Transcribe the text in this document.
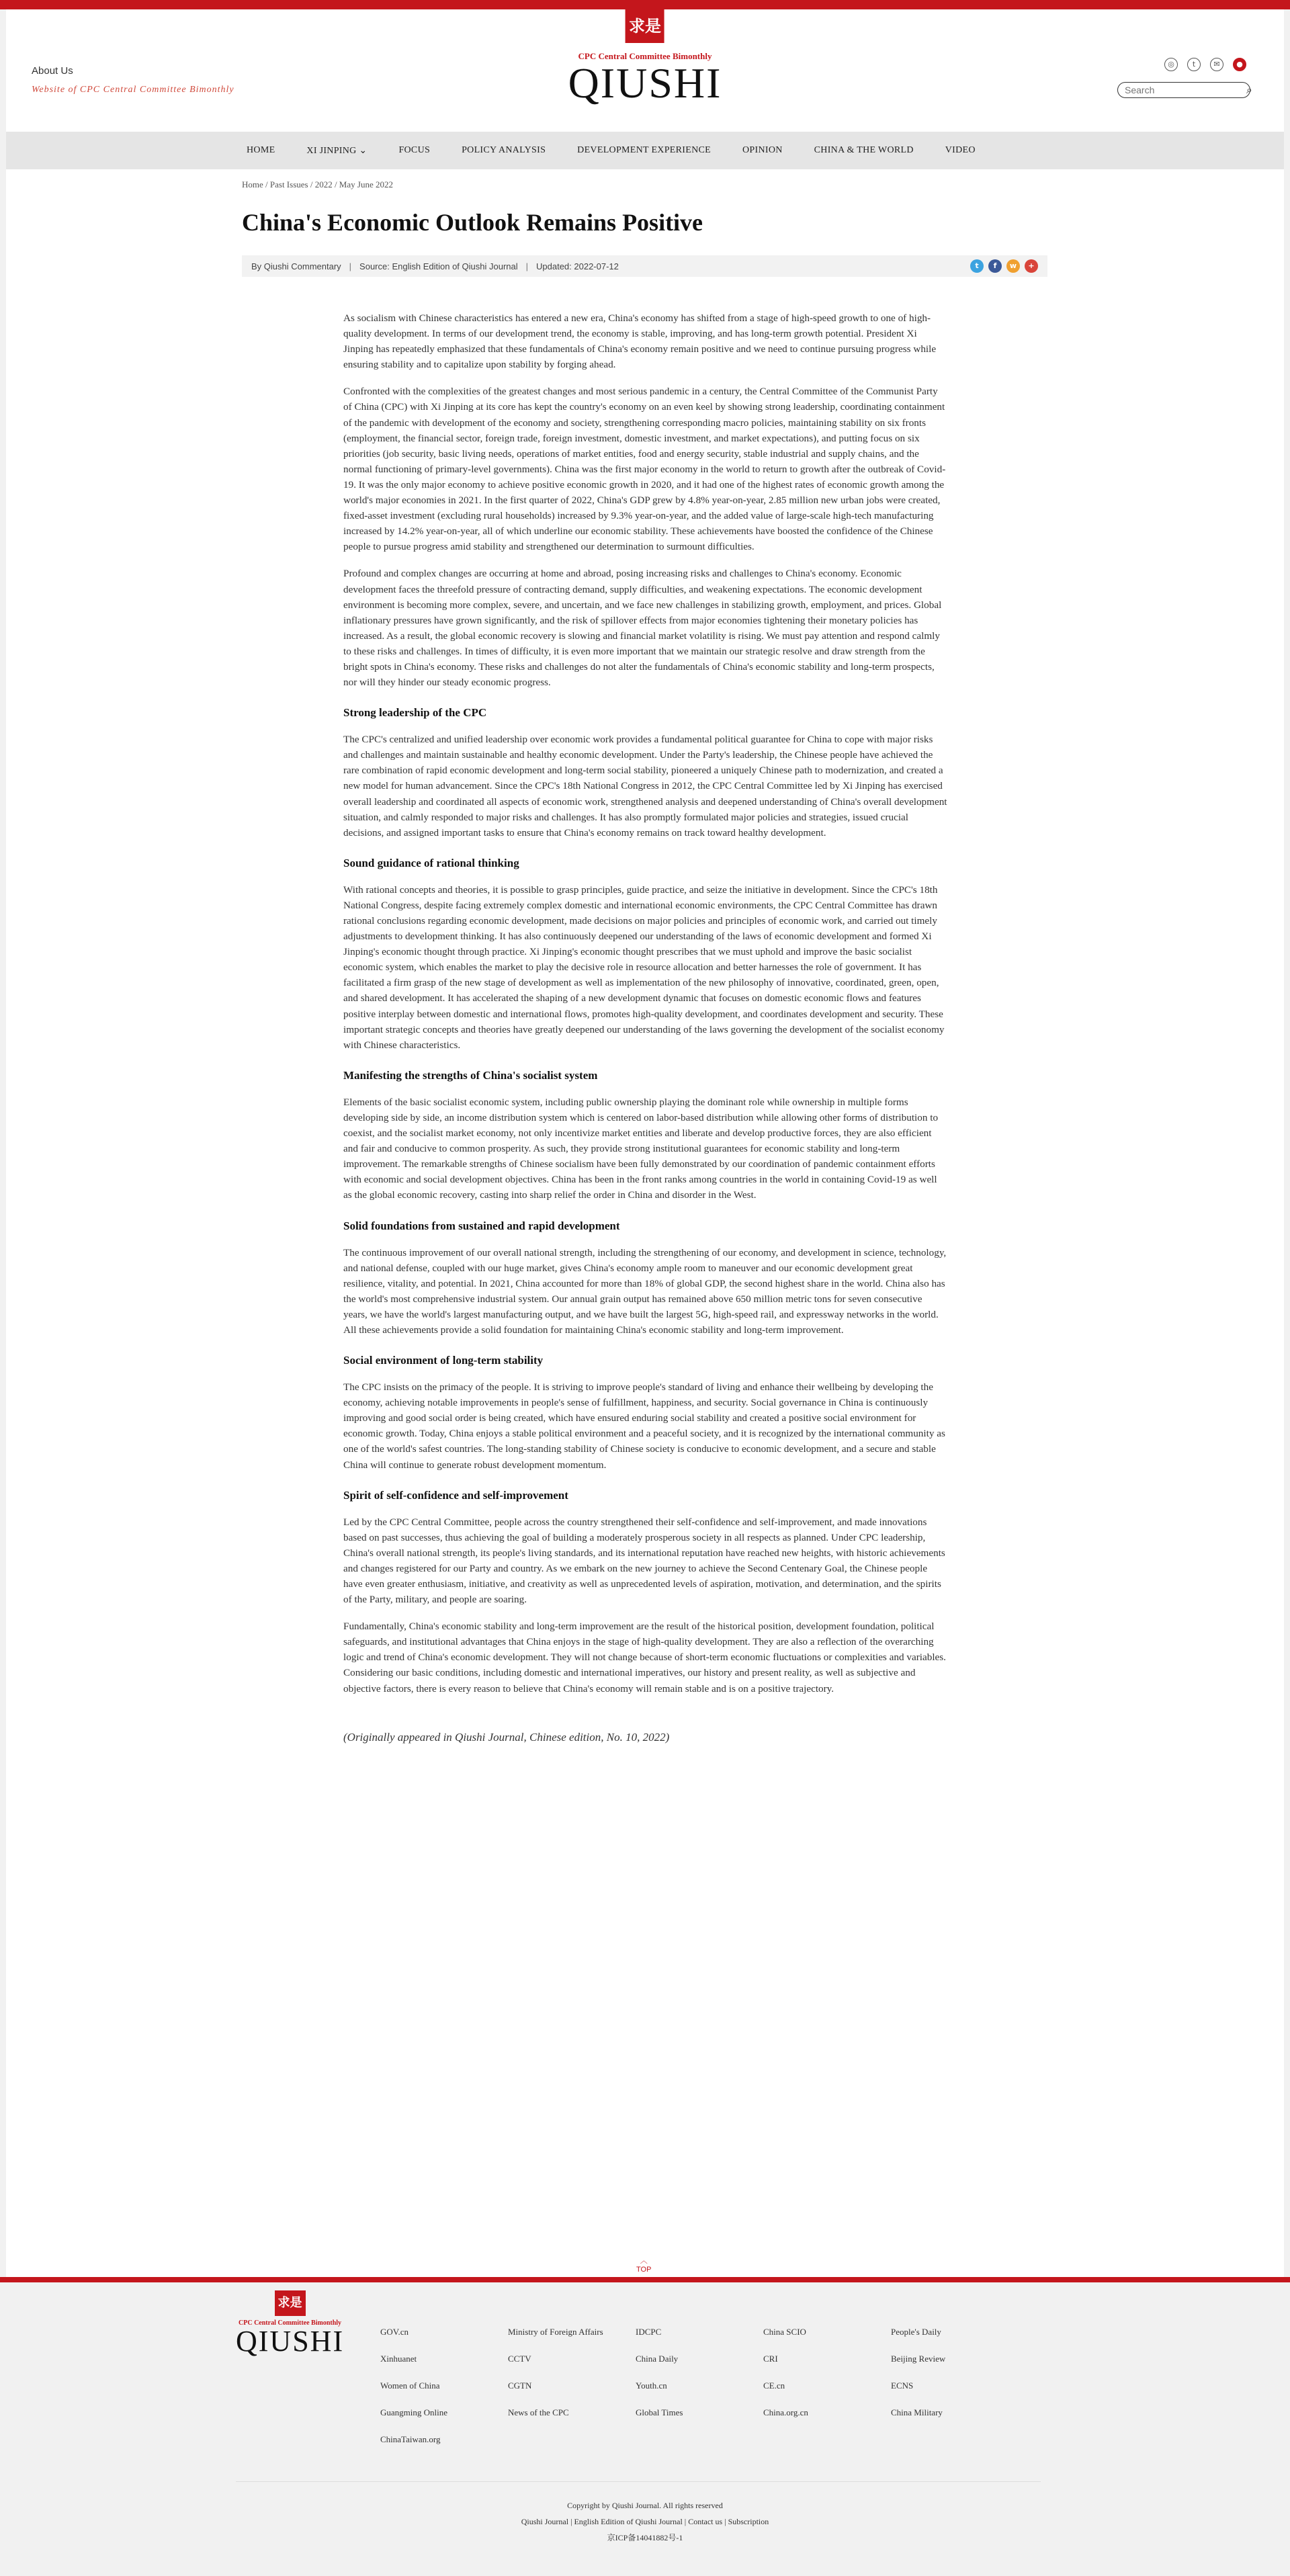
About Us
Website of CPC Central Committee Bimonthly
求是
CPC Central Committee Bimonthly
QIUSHI	◎	t	✉	●
Search
⌕
HOME	XI JINPING ⌄	FOCUS	POLICY ANALYSIS	DEVELOPMENT EXPERIENCE	OPINION	CHINA & THE WORLD	VIDEO
Home / Past Issues / 2022 / May June 2022
China's Economic Outlook Remains Positive
By Qiushi Commentary | Source: English Edition of Qiushi Journal | Updated: 2022-07-12	t	f	w	+

As socialism with Chinese characteristics has entered a new era, China's economy has shifted from a stage of high-speed growth to one of high-quality development. In terms of our development trend, the economy is stable, improving, and has long-term growth potential. President Xi Jinping has repeatedly emphasized that these fundamentals of China's economy remain positive and we need to continue pursuing progress while ensuring stability and to capitalize upon stability by forging ahead.

Confronted with the complexities of the greatest changes and most serious pandemic in a century, the Central Committee of the Communist Party of China (CPC) with Xi Jinping at its core has kept the country's economy on an even keel by showing strong leadership, coordinating containment of the pandemic with development of the economy and society, strengthening corresponding macro policies, maintaining stability on six fronts (employment, the financial sector, foreign trade, foreign investment, domestic investment, and market expectations), and putting focus on six priorities (job security, basic living needs, operations of market entities, food and energy security, stable industrial and supply chains, and the normal functioning of primary-level governments). China was the first major economy in the world to return to growth after the outbreak of Covid-19. It was the only major economy to achieve positive economic growth in 2020, and it had one of the highest rates of economic growth among the world's major economies in 2021. In the first quarter of 2022, China's GDP grew by 4.8% year-on-year, 2.85 million new urban jobs were created, fixed-asset investment (excluding rural households) increased by 9.3% year-on-year, and the added value of large-scale high-tech manufacturing increased by 14.2% year-on-year, all of which underline our economic stability. These achievements have boosted the confidence of the Chinese people to pursue progress amid stability and strengthened our determination to surmount difficulties.

Profound and complex changes are occurring at home and abroad, posing increasing risks and challenges to China's economy. Economic development faces the threefold pressure of contracting demand, supply difficulties, and weakening expectations. The economic development environment is becoming more complex, severe, and uncertain, and we face new challenges in stabilizing growth, employment, and prices. Global inflationary pressures have grown significantly, and the risk of spillover effects from major economies tightening their monetary policies has increased. As a result, the global economic recovery is slowing and financial market volatility is rising. We must pay attention and respond calmly to these risks and challenges. In times of difficulty, it is even more important that we maintain our strategic resolve and draw strength from the bright spots in China's economy. These risks and challenges do not alter the fundamentals of China's economic stability and long-term prospects, nor will they hinder our steady economic progress.

Strong leadership of the CPC

The CPC's centralized and unified leadership over economic work provides a fundamental political guarantee for China to cope with major risks and challenges and maintain sustainable and healthy economic development. Under the Party's leadership, the Chinese people have achieved the rare combination of rapid economic development and long-term social stability, pioneered a uniquely Chinese path to modernization, and created a new model for human advancement. Since the CPC's 18th National Congress in 2012, the CPC Central Committee led by Xi Jinping has exercised overall leadership and coordinated all aspects of economic work, strengthened analysis and deepened understanding of China's overall development situation, and calmly responded to major risks and challenges. It has also promptly formulated major policies and strategies, issued crucial decisions, and assigned important tasks to ensure that China's economy remains on track toward healthy development.

Sound guidance of rational thinking

With rational concepts and theories, it is possible to grasp principles, guide practice, and seize the initiative in development. Since the CPC's 18th National Congress, despite facing extremely complex domestic and international economic environments, the CPC Central Committee has drawn rational conclusions regarding economic development, made decisions on major policies and principles of economic work, and carried out timely adjustments to development thinking. It has also continuously deepened our understanding of the laws of economic development and formed Xi Jinping's economic thought through practice. Xi Jinping's economic thought prescribes that we must uphold and improve the basic socialist economic system, which enables the market to play the decisive role in resource allocation and better harnesses the role of government. It has facilitated a firm grasp of the new stage of development as well as implementation of the new philosophy of innovative, coordinated, green, open, and shared development. It has accelerated the shaping of a new development dynamic that focuses on domestic economic flows and features positive interplay between domestic and international flows, promotes high-quality development, and coordinates development and security. These important strategic concepts and theories have greatly deepened our understanding of the laws governing the development of the socialist economy with Chinese characteristics.

Manifesting the strengths of China's socialist system

Elements of the basic socialist economic system, including public ownership playing the dominant role while ownership in multiple forms developing side by side, an income distribution system which is centered on labor-based distribution while allowing other forms of distribution to coexist, and the socialist market economy, not only incentivize market entities and liberate and develop productive forces, they are also efficient and fair and conducive to common prosperity. As such, they provide strong institutional guarantees for economic stability and long-term improvement. The remarkable strengths of Chinese socialism have been fully demonstrated by our coordination of pandemic containment efforts with economic and social development objectives. China has been in the front ranks among countries in the world in containing Covid-19 as well as the global economic recovery, casting into sharp relief the order in China and disorder in the West.

Solid foundations from sustained and rapid development

The continuous improvement of our overall national strength, including the strengthening of our economy, and development in science, technology, and national defense, coupled with our huge market, gives China's economy ample room to maneuver and our economic development great resilience, vitality, and potential. In 2021, China accounted for more than 18% of global GDP, the second highest share in the world. China also has the world's most comprehensive industrial system. Our annual grain output has remained above 650 million metric tons for seven consecutive years, we have the world's largest manufacturing output, and we have built the largest 5G, high-speed rail, and expressway networks in the world. All these achievements provide a solid foundation for maintaining China's economic stability and long-term improvement.

Social environment of long-term stability

The CPC insists on the primacy of the people. It is striving to improve people's standard of living and enhance their wellbeing by developing the economy, achieving notable improvements in people's sense of fulfillment, happiness, and security. Social governance in China is continuously improving and good social order is being created, which have ensured enduring social stability and created a positive social environment for economic growth. Today, China enjoys a stable political environment and a peaceful society, and it is recognized by the international community as one of the world's safest countries. The long-standing stability of Chinese society is conducive to economic development, and a secure and stable China will continue to generate robust development momentum.

Spirit of self-confidence and self-improvement

Led by the CPC Central Committee, people across the country strengthened their self-confidence and self-improvement, and made innovations based on past successes, thus achieving the goal of building a moderately prosperous society in all respects as planned. Under CPC leadership, China's overall national strength, its people's living standards, and its international reputation have reached new heights, with historic achievements and changes registered for our Party and country. As we embark on the new journey to achieve the Second Centenary Goal, the Chinese people have even greater enthusiasm, initiative, and creativity as well as unprecedented levels of aspiration, motivation, and determination, and the spirits of the Party, military, and people are soaring.

Fundamentally, China's economic stability and long-term improvement are the result of the historical position, development foundation, political safeguards, and institutional advantages that China enjoys in the stage of high-quality development. They are also a reflection of the overarching logic and trend of China's economic development. They will not change because of short-term economic fluctuations or complexities and variables. Considering our basic conditions, including domestic and international imperatives, our history and present reality, as well as subjective and objective factors, there is every reason to believe that China's economy will remain stable and is on a positive trajectory.

(Originally appeared in Qiushi Journal, Chinese edition, No. 10, 2022)

︿
TOP
求是
CPC Central Committee Bimonthly
QIUSHI	GOV.cn	Ministry of Foreign Affairs	IDCPC	China SCIO	People's Daily
Xinhuanet	CCTV	China Daily	CRI	Beijing Review
Women of China	CGTN	Youth.cn	CE.cn	ECNS
Guangming Online	News of the CPC	Global Times	China.org.cn	China Military
ChinaTaiwan.org
Copyright by Qiushi Journal. All rights reserved
Qiushi Journal | English Edition of Qiushi Journal | Contact us | Subscription
京ICP备14041882号-1
